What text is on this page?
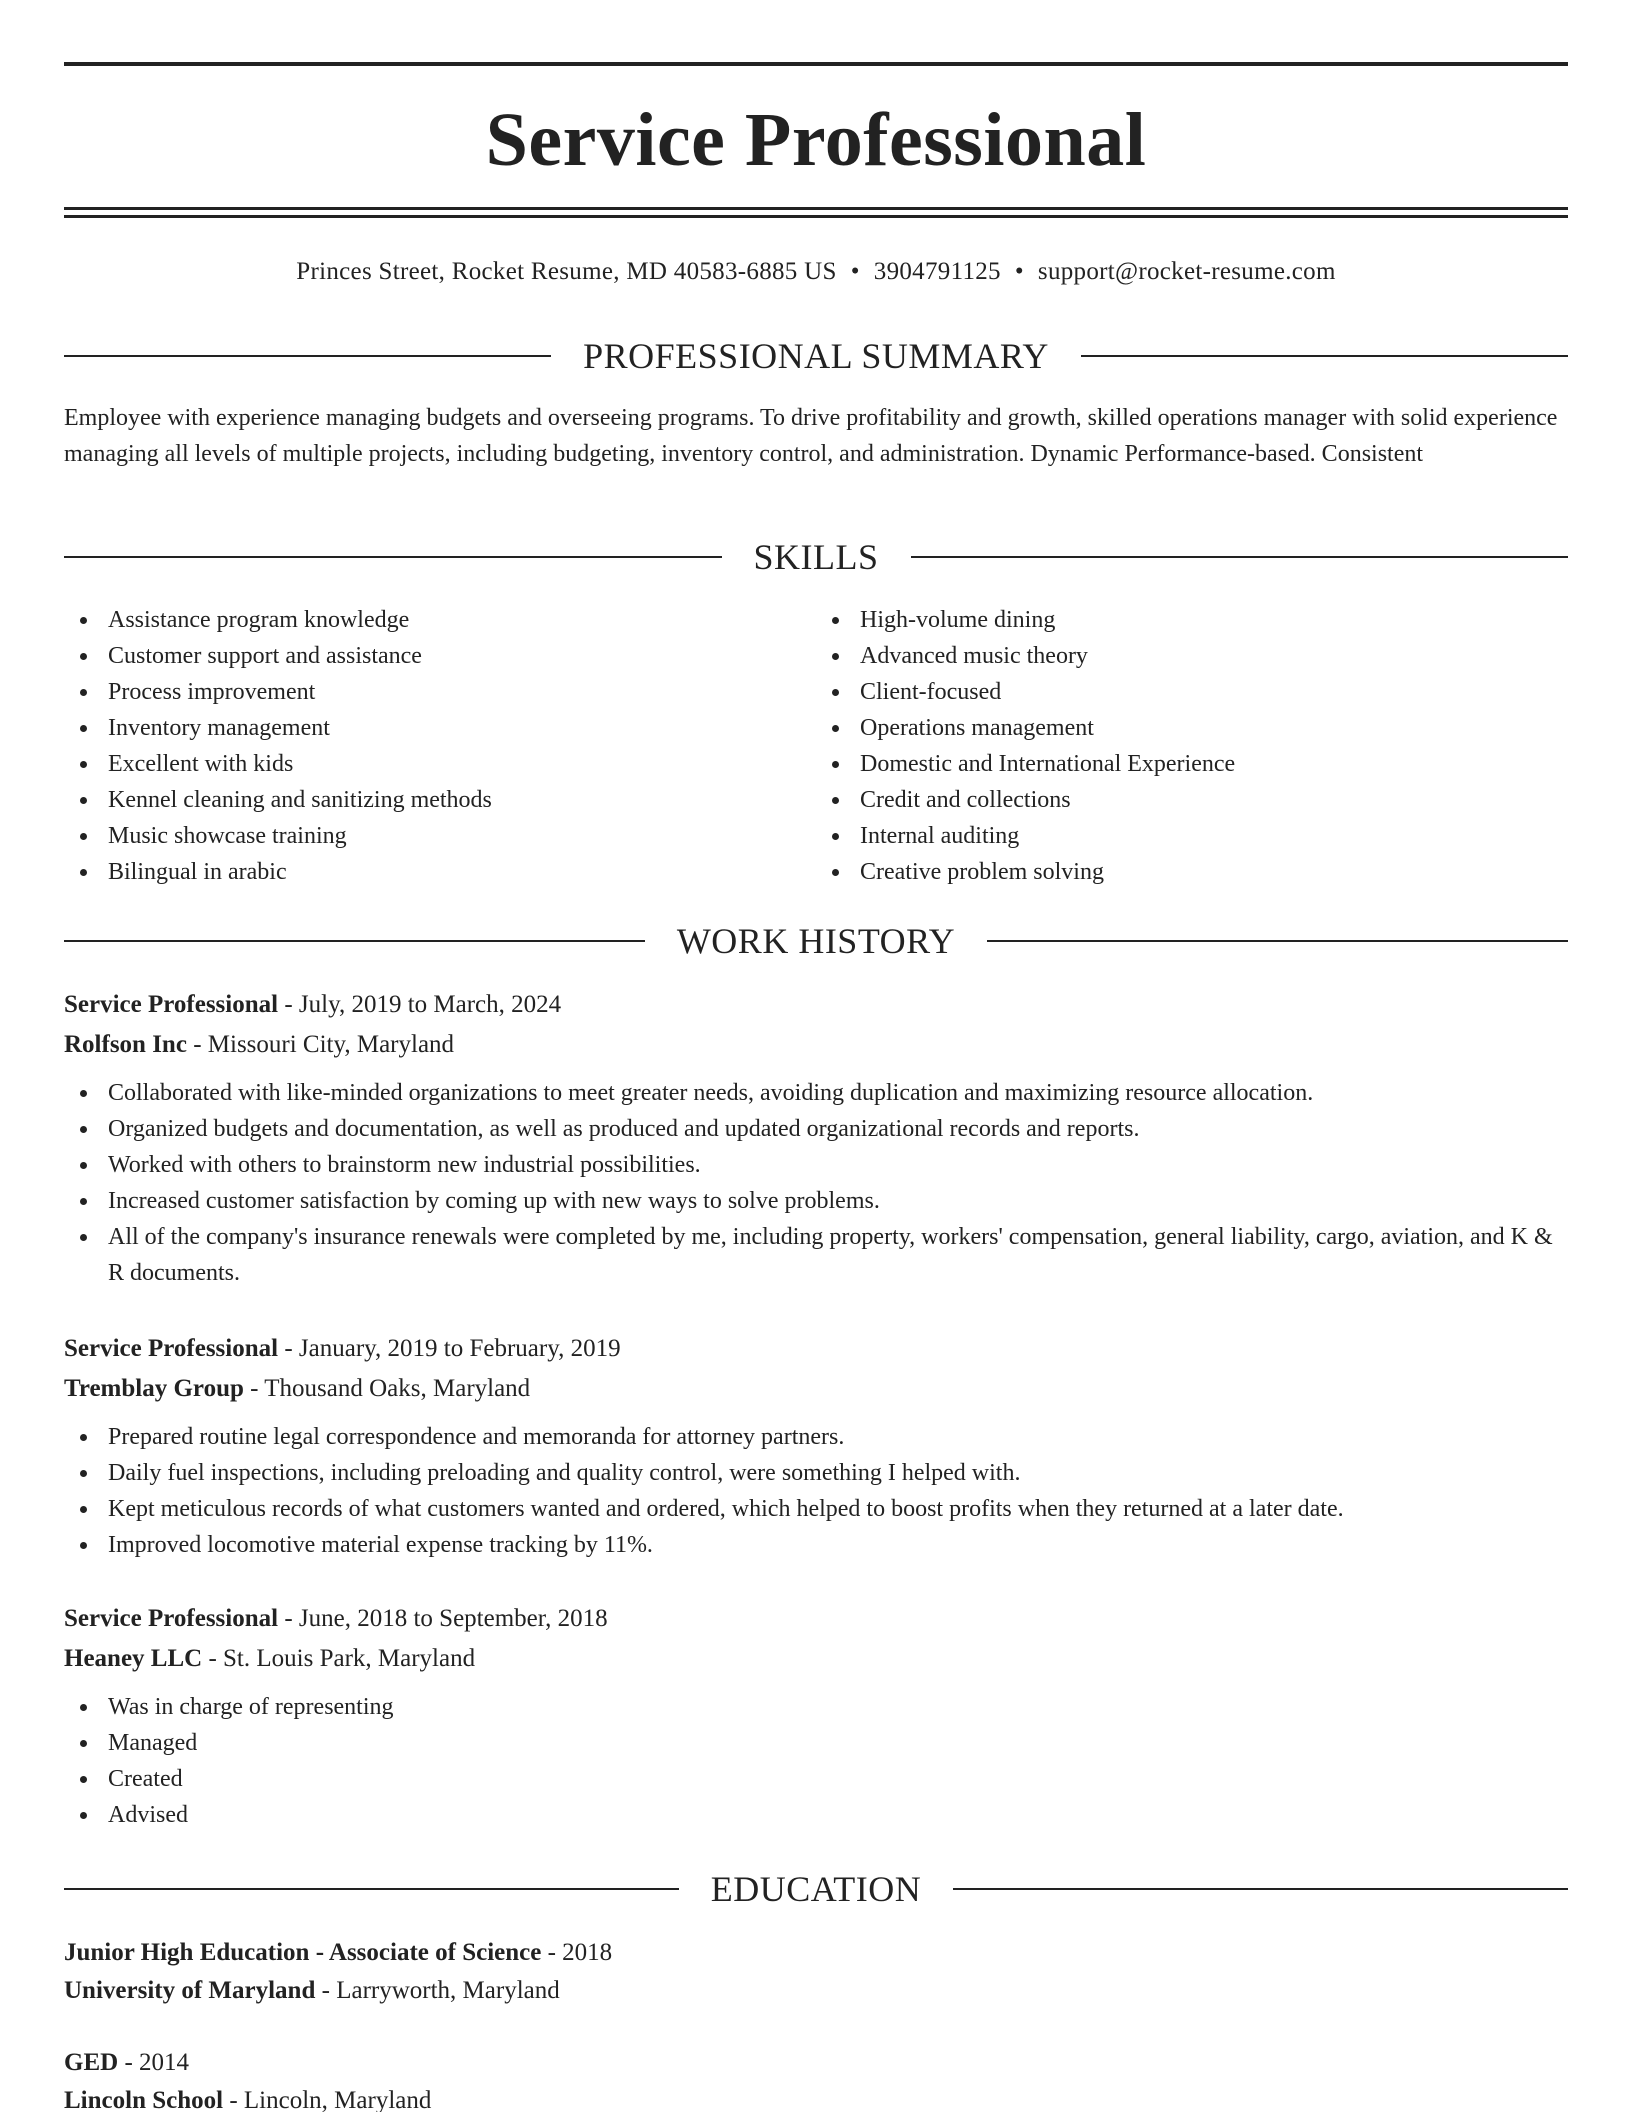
Service Professional
Princes Street, Rocket Resume, MD 40583-6885 US • 3904791125 • support@rocket-resume.com
PROFESSIONAL SUMMARY

Employee with experience managing budgets and overseeing programs. To drive profitability and growth, skilled operations manager with solid experience managing all levels of multiple projects, including budgeting, inventory control, and administration. Dynamic Performance-based. Consistent

SKILLS
Assistance program knowledge
Customer support and assistance
Process improvement
Inventory management
Excellent with kids
Kennel cleaning and sanitizing methods
Music showcase training
Bilingual in arabic
High-volume dining
Advanced music theory
Client-focused
Operations management
Domestic and International Experience
Credit and collections
Internal auditing
Creative problem solving
WORK HISTORY
Service Professional - July, 2019 to March, 2024
Rolfson Inc - Missouri City, Maryland
Collaborated with like-minded organizations to meet greater needs, avoiding duplication and maximizing resource allocation.
Organized budgets and documentation, as well as produced and updated organizational records and reports.
Worked with others to brainstorm new industrial possibilities.
Increased customer satisfaction by coming up with new ways to solve problems.
All of the company's insurance renewals were completed by me, including property, workers' compensation, general liability, cargo, aviation, and K & R documents.
Service Professional - January, 2019 to February, 2019
Tremblay Group - Thousand Oaks, Maryland
Prepared routine legal correspondence and memoranda for attorney partners.
Daily fuel inspections, including preloading and quality control, were something I helped with.
Kept meticulous records of what customers wanted and ordered, which helped to boost profits when they returned at a later date.
Improved locomotive material expense tracking by 11%.
Service Professional - June, 2018 to September, 2018
Heaney LLC - St. Louis Park, Maryland
Was in charge of representing
Managed
Created
Advised
EDUCATION
Junior High Education - Associate of Science - 2018
University of Maryland - Larryworth, Maryland
GED - 2014
Lincoln School - Lincoln, Maryland
